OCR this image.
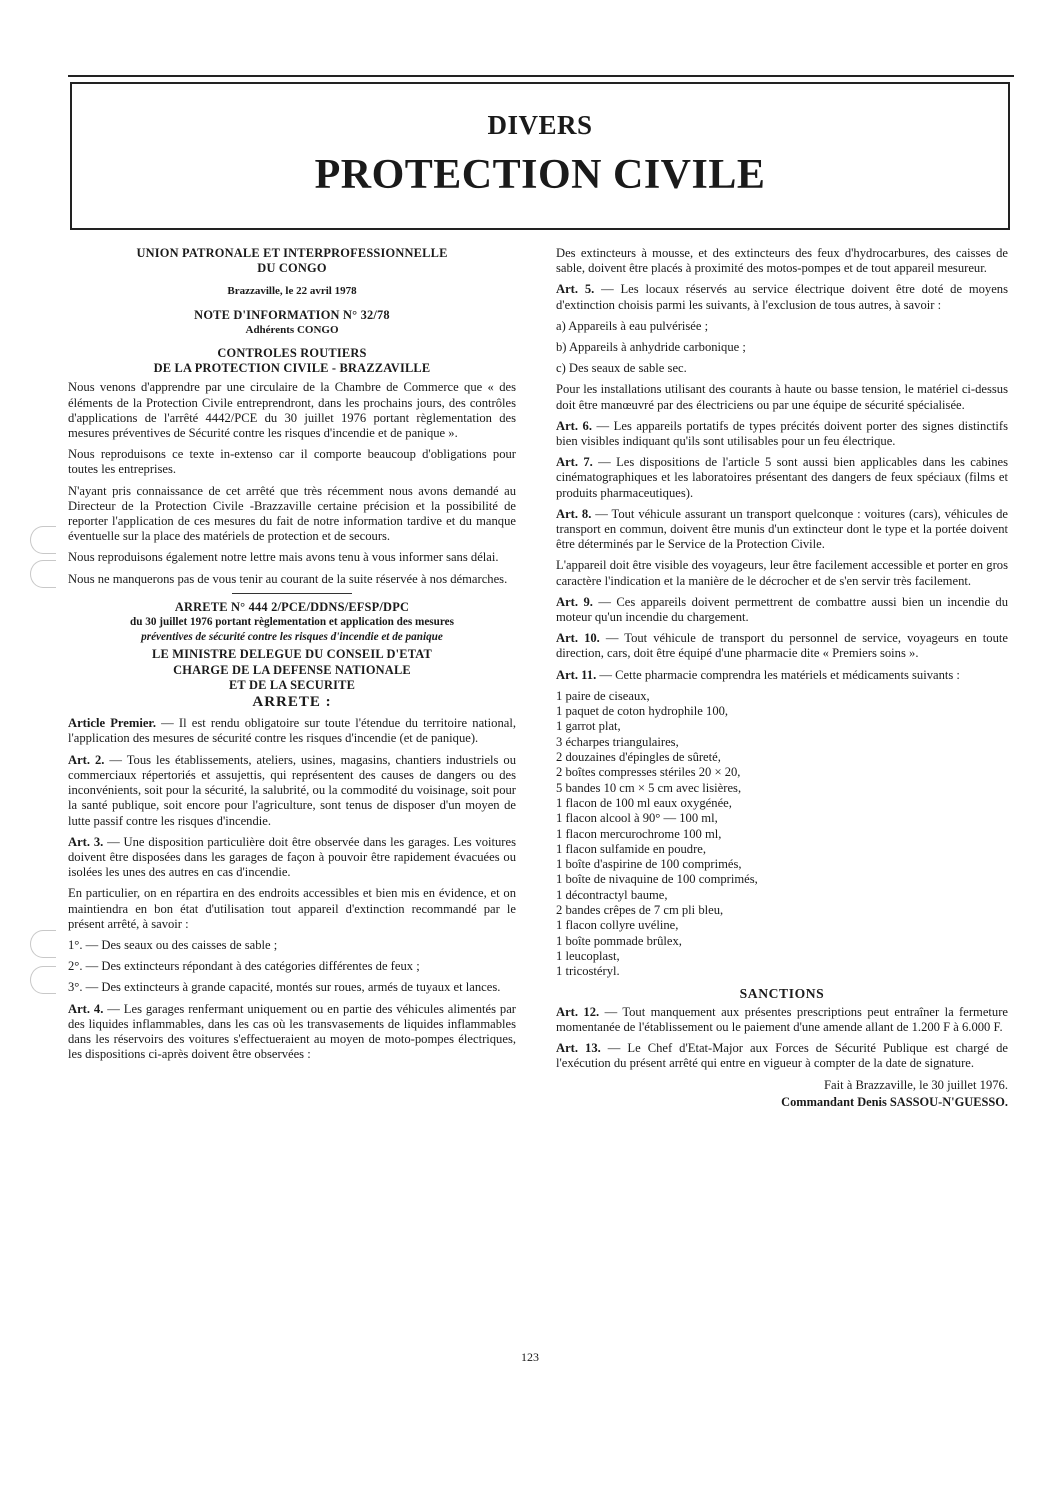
DIVERS
PROTECTION CIVILE
UNION PATRONALE ET INTERPROFESSIONNELLE
DU CONGO
Brazzaville, le 22 avril 1978
NOTE D'INFORMATION N° 32/78
Adhérents CONGO
CONTROLES ROUTIERS
DE LA PROTECTION CIVILE - BRAZZAVILLE

Nous venons d'apprendre par une circulaire de la Chambre de Commerce que « des éléments de la Protection Civile entreprendront, dans les prochains jours, des contrôles d'applications de l'arrêté 4442/PCE du 30 juillet 1976 portant règlementation des mesures préventives de Sécurité contre les risques d'incendie et de panique ».

Nous reproduisons ce texte in-extenso car il comporte beaucoup d'obligations pour toutes les entreprises.

N'ayant pris connaissance de cet arrêté que très récemment nous avons demandé au Directeur de la Protection Civile -Brazzaville certaine précision et la possibilité de reporter l'application de ces mesures du fait de notre information tardive et du manque éventuelle sur la place des matériels de protection et de secours.

Nous reproduisons également notre lettre mais avons tenu à vous informer sans délai.

Nous ne manquerons pas de vous tenir au courant de la suite réservée à nos démarches.

ARRETE N° 444 2/PCE/DDNS/EFSP/DPC
du 30 juillet 1976 portant règlementation et application des mesures
préventives de sécurité contre les risques d'incendie et de panique
LE MINISTRE DELEGUE DU CONSEIL D'ETAT
CHARGE DE LA DEFENSE NATIONALE
ET DE LA SECURITE
ARRETE :

Article Premier. — Il est rendu obligatoire sur toute l'étendue du territoire national, l'application des mesures de sécurité contre les risques d'incendie (et de panique).

Art. 2. — Tous les établissements, ateliers, usines, magasins, chantiers industriels ou commerciaux répertoriés et assujettis, qui représentent des causes de dangers ou des inconvénients, soit pour la sécurité, la salubrité, ou la commodité du voisinage, soit pour la santé publique, soit encore pour l'agriculture, sont tenus de disposer d'un moyen de lutte passif contre les risques d'incendie.

Art. 3. — Une disposition particulière doit être observée dans les garages. Les voitures doivent être disposées dans les garages de façon à pouvoir être rapidement évacuées ou isolées les unes des autres en cas d'incendie.

En particulier, on en répartira en des endroits accessibles et bien mis en évidence, et on maintiendra en bon état d'utilisation tout appareil d'extinction recommandé par le présent arrêté, à savoir :

1°. — Des seaux ou des caisses de sable ;

2°. — Des extincteurs répondant à des catégories différentes de feux ;

3°. — Des extincteurs à grande capacité, montés sur roues, armés de tuyaux et lances.

Art. 4. — Les garages renfermant uniquement ou en partie des véhicules alimentés par des liquides inflammables, dans les cas où les transvasements de liquides inflammables dans les réservoirs des voitures s'effectueraient au moyen de moto-pompes électriques, les dispositions ci-après doivent être observées :

Des extincteurs à mousse, et des extincteurs des feux d'hydrocarbures, des caisses de sable, doivent être placés à proximité des motos-pompes et de tout appareil mesureur.

Art. 5. — Les locaux réservés au service électrique doivent être doté de moyens d'extinction choisis parmi les suivants, à l'exclusion de tous autres, à savoir :

a) Appareils à eau pulvérisée ;

b) Appareils à anhydride carbonique ;

c) Des seaux de sable sec.

Pour les installations utilisant des courants à haute ou basse tension, le matériel ci-dessus doit être manœuvré par des électriciens ou par une équipe de sécurité spécialisée.

Art. 6. — Les appareils portatifs de types précités doivent porter des signes distinctifs bien visibles indiquant qu'ils sont utilisables pour un feu électrique.

Art. 7. — Les dispositions de l'article 5 sont aussi bien applicables dans les cabines cinématographiques et les laboratoires présentant des dangers de feux spéciaux (films et produits pharmaceutiques).

Art. 8. — Tout véhicule assurant un transport quelconque : voitures (cars), véhicules de transport en commun, doivent être munis d'un extincteur dont le type et la portée doivent être déterminés par le Service de la Protection Civile.

L'appareil doit être visible des voyageurs, leur être facilement accessible et porter en gros caractère l'indication et la manière de le décrocher et de s'en servir très facilement.

Art. 9. — Ces appareils doivent permettrent de combattre aussi bien un incendie du moteur qu'un incendie du chargement.

Art. 10. — Tout véhicule de transport du personnel de service, voyageurs en toute direction, cars, doit être équipé d'une pharmacie dite « Premiers soins ».

Art. 11. — Cette pharmacie comprendra les matériels et médicaments suivants :

1 paire de ciseaux,
1 paquet de coton hydrophile 100,
1 garrot plat,
3 écharpes triangulaires,
2 douzaines d'épingles de sûreté,
2 boîtes compresses stériles 20 × 20,
5 bandes 10 cm × 5 cm avec lisières,
1 flacon de 100 ml eaux oxygénée,
1 flacon alcool à 90° — 100 ml,
1 flacon mercurochrome 100 ml,
1 flacon sulfamide en poudre,
1 boîte d'aspirine de 100 comprimés,
1 boîte de nivaquine de 100 comprimés,
1 décontractyl baume,
2 bandes crêpes de 7 cm pli bleu,
1 flacon collyre uvéline,
1 boîte pommade brûlex,
1 leucoplast,
1 tricostéryl.
SANCTIONS

Art. 12. — Tout manquement aux présentes prescriptions peut entraîner la fermeture momentanée de l'établissement ou le paiement d'une amende allant de 1.200 F à 6.000 F.

Art. 13. — Le Chef d'Etat-Major aux Forces de Sécurité Publique est chargé de l'exécution du présent arrêté qui entre en vigueur à compter de la date de signature.

Fait à Brazzaville, le 30 juillet 1976.

Commandant Denis SASSOU-N'GUESSO.
123
